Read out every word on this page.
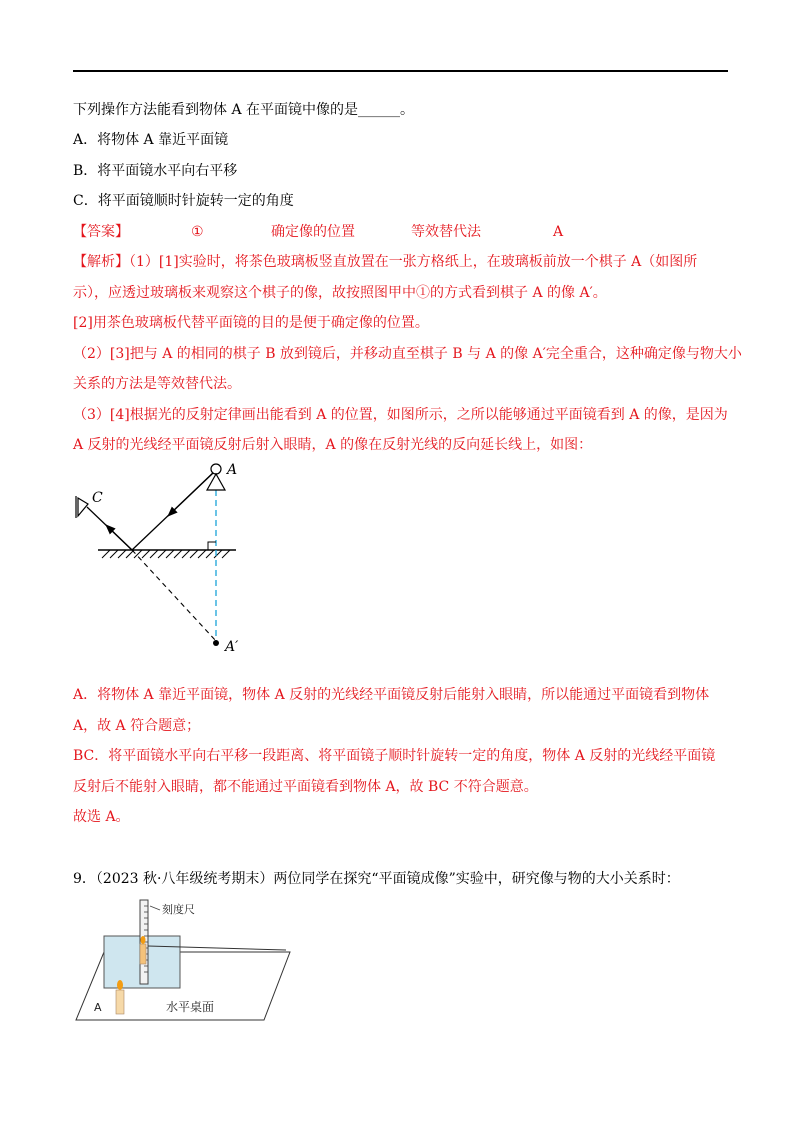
下列操作方法能看到物体 A 在平面镜中像的是______。
A．将物体 A 靠近平面镜
B．将平面镜水平向右平移
C．将平面镜顺时针旋转一定的角度
【答案】	①	确定像的位置	等效替代法	A
【解析】（1）[1]实验时，将茶色玻璃板竖直放置在一张方格纸上，在玻璃板前放一个棋子 A（如图所
示），应透过玻璃板来观察这个棋子的像，故按照图甲中①的方式看到棋子 A 的像 A′。
[2]用茶色玻璃板代替平面镜的目的是便于确定像的位置。
（2）[3]把与 A 的相同的棋子 B 放到镜后，并移动直至棋子 B 与 A 的像 A′完全重合，这种确定像与物大小
关系的方法是等效替代法。
（3）[4]根据光的反射定律画出能看到 A 的位置，如图所示，之所以能够通过平面镜看到 A 的像，是因为
A 反射的光线经平面镜反射后射入眼睛，A 的像在反射光线的反向延长线上，如图：
A
C
A′
A．将物体 A 靠近平面镜，物体 A 反射的光线经平面镜反射后能射入眼睛，所以能通过平面镜看到物体
A，故 A 符合题意；
BC．将平面镜水平向右平移一段距离、将平面镜子顺时针旋转一定的角度，物体 A 反射的光线经平面镜
反射后不能射入眼睛，都不能通过平面镜看到物体 A，故 BC 不符合题意。
故选 A。
9．（2023 秋·八年级统考期末）两位同学在探究“平面镜成像”实验中，研究像与物的大小关系时：
刻度尺
A	水平桌面
